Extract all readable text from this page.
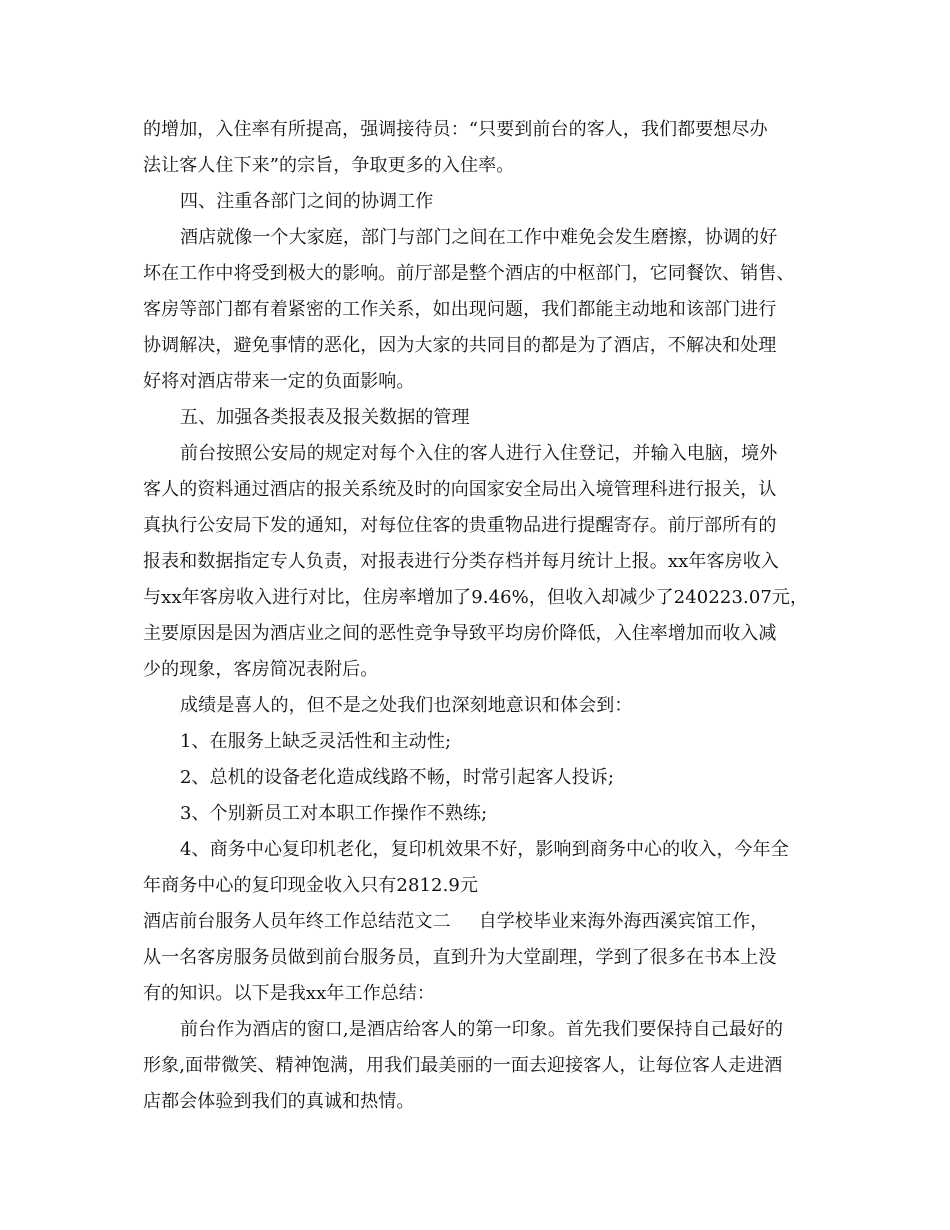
的增加，入住率有所提高，强调接待员：“只要到前台的客人，我们都要想尽办
法让客人住下来”的宗旨，争取更多的入住率。
四、注重各部门之间的协调工作
酒店就像一个大家庭，部门与部门之间在工作中难免会发生磨擦，协调的好
坏在工作中将受到极大的影响。前厅部是整个酒店的中枢部门，它同餐饮、销售、
客房等部门都有着紧密的工作关系，如出现问题，我们都能主动地和该部门进行
协调解决，避免事情的恶化，因为大家的共同目的都是为了酒店，不解决和处理
好将对酒店带来一定的负面影响。
五、加强各类报表及报关数据的管理
前台按照公安局的规定对每个入住的客人进行入住登记，并输入电脑，境外
客人的资料通过酒店的报关系统及时的向国家安全局出入境管理科进行报关，认
真执行公安局下发的通知，对每位住客的贵重物品进行提醒寄存。前厅部所有的
报表和数据指定专人负责，对报表进行分类存档并每月统计上报。xx年客房收入
与xx年客房收入进行对比，住房率增加了9.46%，但收入却减少了240223.07元，
主要原因是因为酒店业之间的恶性竞争导致平均房价降低，入住率增加而收入减
少的现象，客房简况表附后。
成绩是喜人的，但不是之处我们也深刻地意识和体会到：
1、在服务上缺乏灵活性和主动性;
2、总机的设备老化造成线路不畅，时常引起客人投诉;
3、个别新员工对本职工作操作不熟练;
4、商务中心复印机老化，复印机效果不好，影响到商务中心的收入，今年全
年商务中心的复印现金收入只有2812.9元
酒店前台服务人员年终工作总结范文二 自学校毕业来海外海西溪宾馆工作，
从一名客房服务员做到前台服务员，直到升为大堂副理，学到了很多在书本上没
有的知识。以下是我xx年工作总结：
前台作为酒店的窗口,是酒店给客人的第一印象。首先我们要保持自己最好的
形象,面带微笑、精神饱满，用我们最美丽的一面去迎接客人，让每位客人走进酒
店都会体验到我们的真诚和热情。
